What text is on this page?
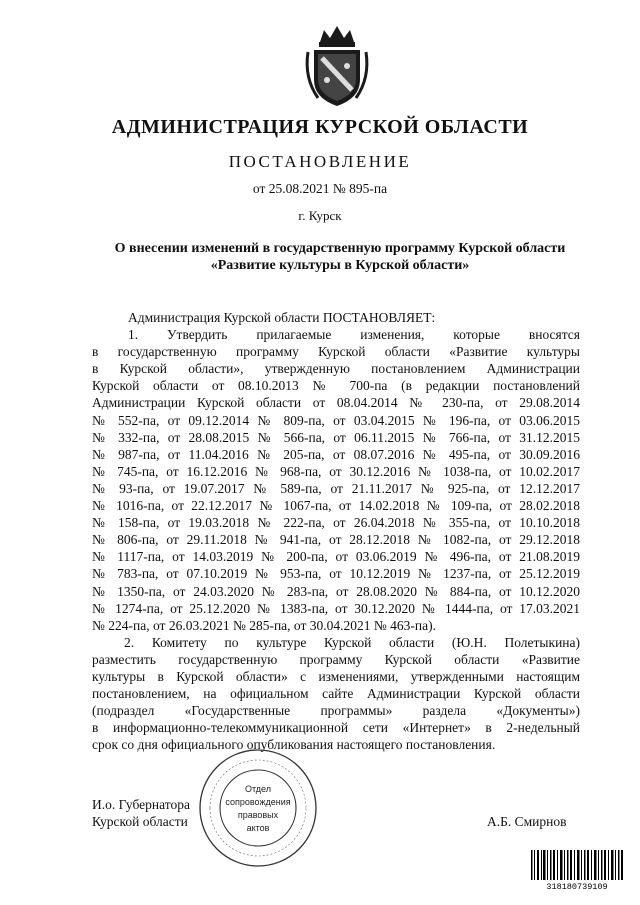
АДМИНИСТРАЦИЯ КУРСКОЙ ОБЛАСТИ
ПОСТАНОВЛЕНИЕ
от 25.08.2021 № 895-па
г. Курск
О внесении изменений в государственную программу Курской области
«Развитие культуры в Курской области»
Администрация Курской области ПОСТАНОВЛЯЕТ:
1. Утвердить прилагаемые изменения, которые вносятся
в государственную программу Курской области «Развитие культуры
в Курской области», утвержденную постановлением Администрации
Курской области от 08.10.2013 № 700-па (в редакции постановлений
Администрации Курской области от 08.04.2014 № 230-па, от 29.08.2014
№ 552-па, от 09.12.2014 № 809-па, от 03.04.2015 № 196-па, от 03.06.2015
№ 332-па, от 28.08.2015 № 566-па, от 06.11.2015 № 766-па, от 31.12.2015
№ 987-па, от 11.04.2016 № 205-па, от 08.07.2016 № 495-па, от 30.09.2016
№ 745-па, от 16.12.2016 № 968-па, от 30.12.2016 № 1038-па, от 10.02.2017
№ 93-па, от 19.07.2017 № 589-па, от 21.11.2017 № 925-па, от 12.12.2017
№ 1016-па, от 22.12.2017 № 1067-па, от 14.02.2018 № 109-па, от 28.02.2018
№ 158-па, от 19.03.2018 № 222-па, от 26.04.2018 № 355-па, от 10.10.2018
№ 806-па, от 29.11.2018 № 941-па, от 28.12.2018 № 1082-па, от 29.12.2018
№ 1117-па, от 14.03.2019 № 200-па, от 03.06.2019 № 496-па, от 21.08.2019
№ 783-па, от 07.10.2019 № 953-па, от 10.12.2019 № 1237-па, от 25.12.2019
№ 1350-па, от 24.03.2020 № 283-па, от 28.08.2020 № 884-па, от 10.12.2020
№ 1274-па, от 25.12.2020 № 1383-па, от 30.12.2020 № 1444-па, от 17.03.2021
№ 224-па, от 26.03.2021 № 285-па, от 30.04.2021 № 463-па).
2. Комитету по культуре Курской области (Ю.Н. Полетыкина)
разместить государственную программу Курской области «Развитие
культуры в Курской области» с изменениями, утвержденными настоящим
постановлением, на официальном сайте Администрации Курской области
(подраздел «Государственные программы» раздела «Документы»)
в информационно-телекоммуникационной сети «Интернет» в 2-недельный
срок со дня официального опубликования настоящего постановления.
И.о. Губернатора
Курской области	А.Б. Смирнов
Отдел
сопровождения
правовых
актов
318180739109
